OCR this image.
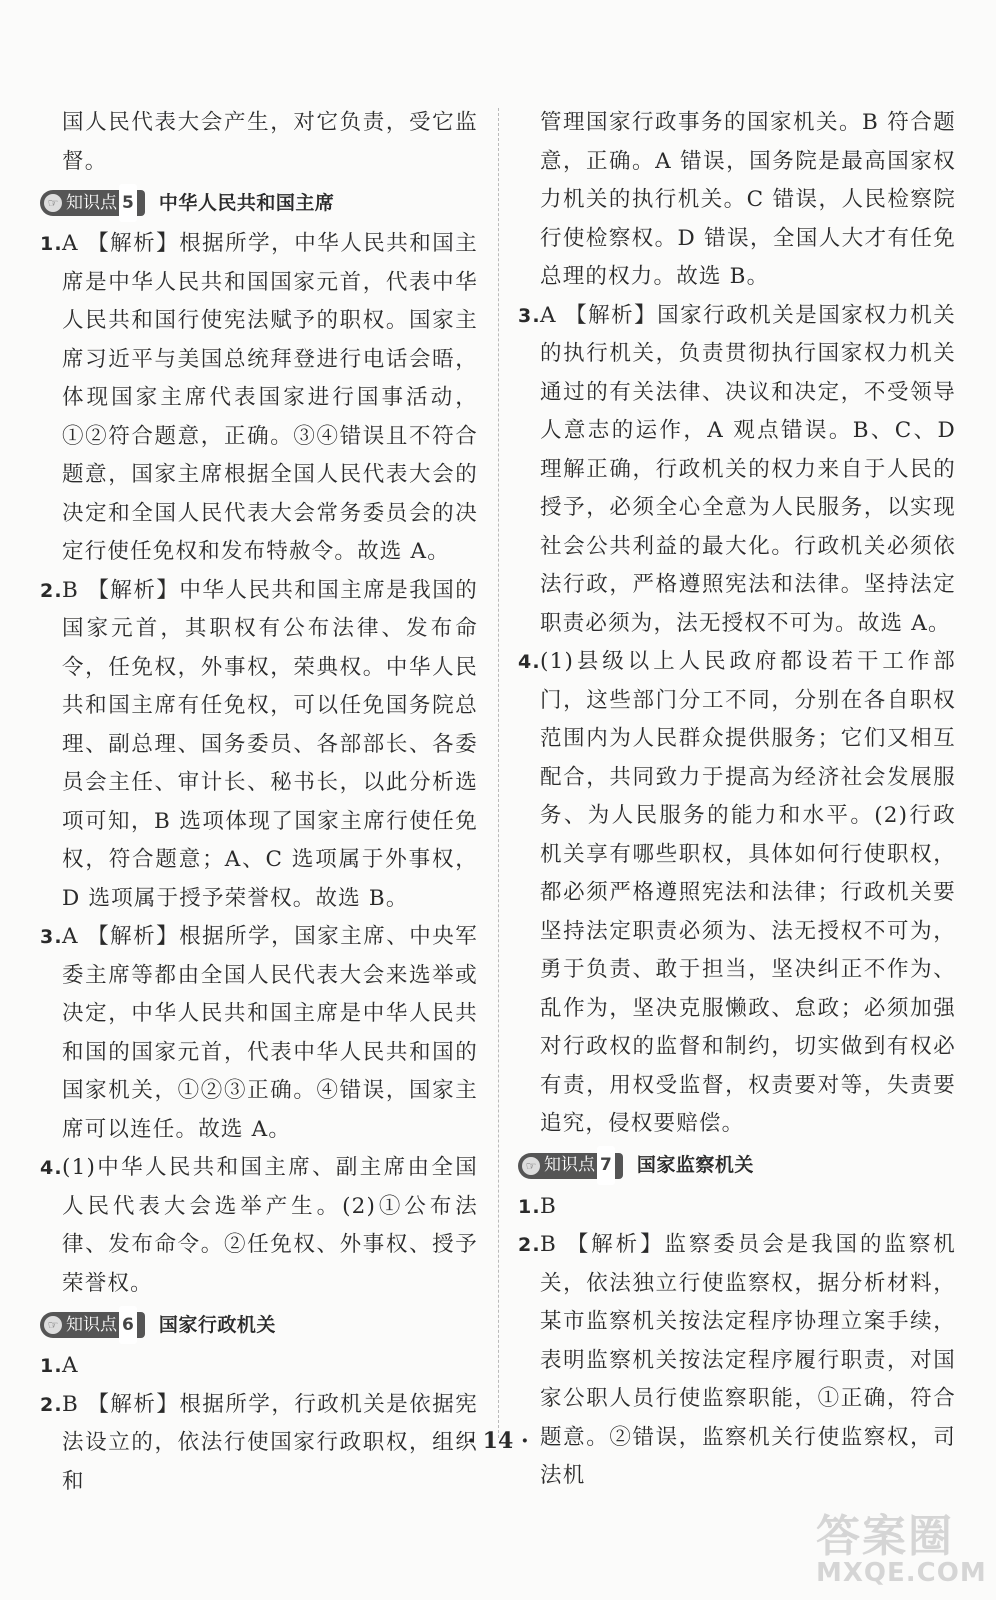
国人民代表大会产生，对它负责，受它监督。

☞ 知识点 5 中华人民共和国主席
1. A 【解析】根据所学，中华人民共和国主席是中华人民共和国国家元首，代表中华人民共和国行使宪法赋予的职权。国家主席习近平与美国总统拜登进行电话会晤，体现国家主席代表国家进行国事活动，①②符合题意，正确。③④错误且不符合题意，国家主席根据全国人民代表大会的决定和全国人民代表大会常务委员会的决定行使任免权和发布特赦令。故选 A。
2. B 【解析】中华人民共和国主席是我国的国家元首，其职权有公布法律、发布命令，任免权，外事权，荣典权。中华人民共和国主席有任免权，可以任免国务院总理、副总理、国务委员、各部部长、各委员会主任、审计长、秘书长，以此分析选项可知，B 选项体现了国家主席行使任免权，符合题意；A、C 选项属于外事权，D 选项属于授予荣誉权。故选 B。
3. A 【解析】根据所学，国家主席、中央军委主席等都由全国人民代表大会来选举或决定，中华人民共和国主席是中华人民共和国的国家元首，代表中华人民共和国的国家机关，①②③正确。④错误，国家主席可以连任。故选 A。
4. (1)中华人民共和国主席、副主席由全国人民代表大会选举产生。(2)①公布法律、发布命令。②任免权、外事权、授予荣誉权。
☞ 知识点 6 国家行政机关
1. A
2. B 【解析】根据所学，行政机关是依据宪法设立的，依法行使国家行政职权，组织和

管理国家行政事务的国家机关。B 符合题意，正确。A 错误，国务院是最高国家权力机关的执行机关。C 错误，人民检察院行使检察权。D 错误，全国人大才有任免总理的权力。故选 B。

3. A 【解析】国家行政机关是国家权力机关的执行机关，负责贯彻执行国家权力机关通过的有关法律、决议和决定，不受领导人意志的运作，A 观点错误。B、C、D 理解正确，行政机关的权力来自于人民的授予，必须全心全意为人民服务，以实现社会公共利益的最大化。行政机关必须依法行政，严格遵照宪法和法律。坚持法定职责必须为，法无授权不可为。故选 A。
4. (1)县级以上人民政府都设若干工作部门，这些部门分工不同，分别在各自职权范围内为人民群众提供服务；它们又相互配合，共同致力于提高为经济社会发展服务、为人民服务的能力和水平。(2)行政机关享有哪些职权，具体如何行使职权，都必须严格遵照宪法和法律；行政机关要坚持法定职责必须为、法无授权不可为，勇于负责、敢于担当，坚决纠正不作为、乱作为，坚决克服懒政、怠政；必须加强对行政权的监督和制约，切实做到有权必有责，用权受监督，权责要对等，失责要追究，侵权要赔偿。
☞ 知识点 7 国家监察机关
1. B
2. B 【解析】监察委员会是我国的监察机关，依法独立行使监察权，据分析材料，某市监察机关按法定程序协理立案手续，表明监察机关按法定程序履行职责，对国家公职人员行使监察职能，①正确，符合题意。②错误，监察机关行使监察权，司法机
· 14 ·
答案圈
MXQE.COM
